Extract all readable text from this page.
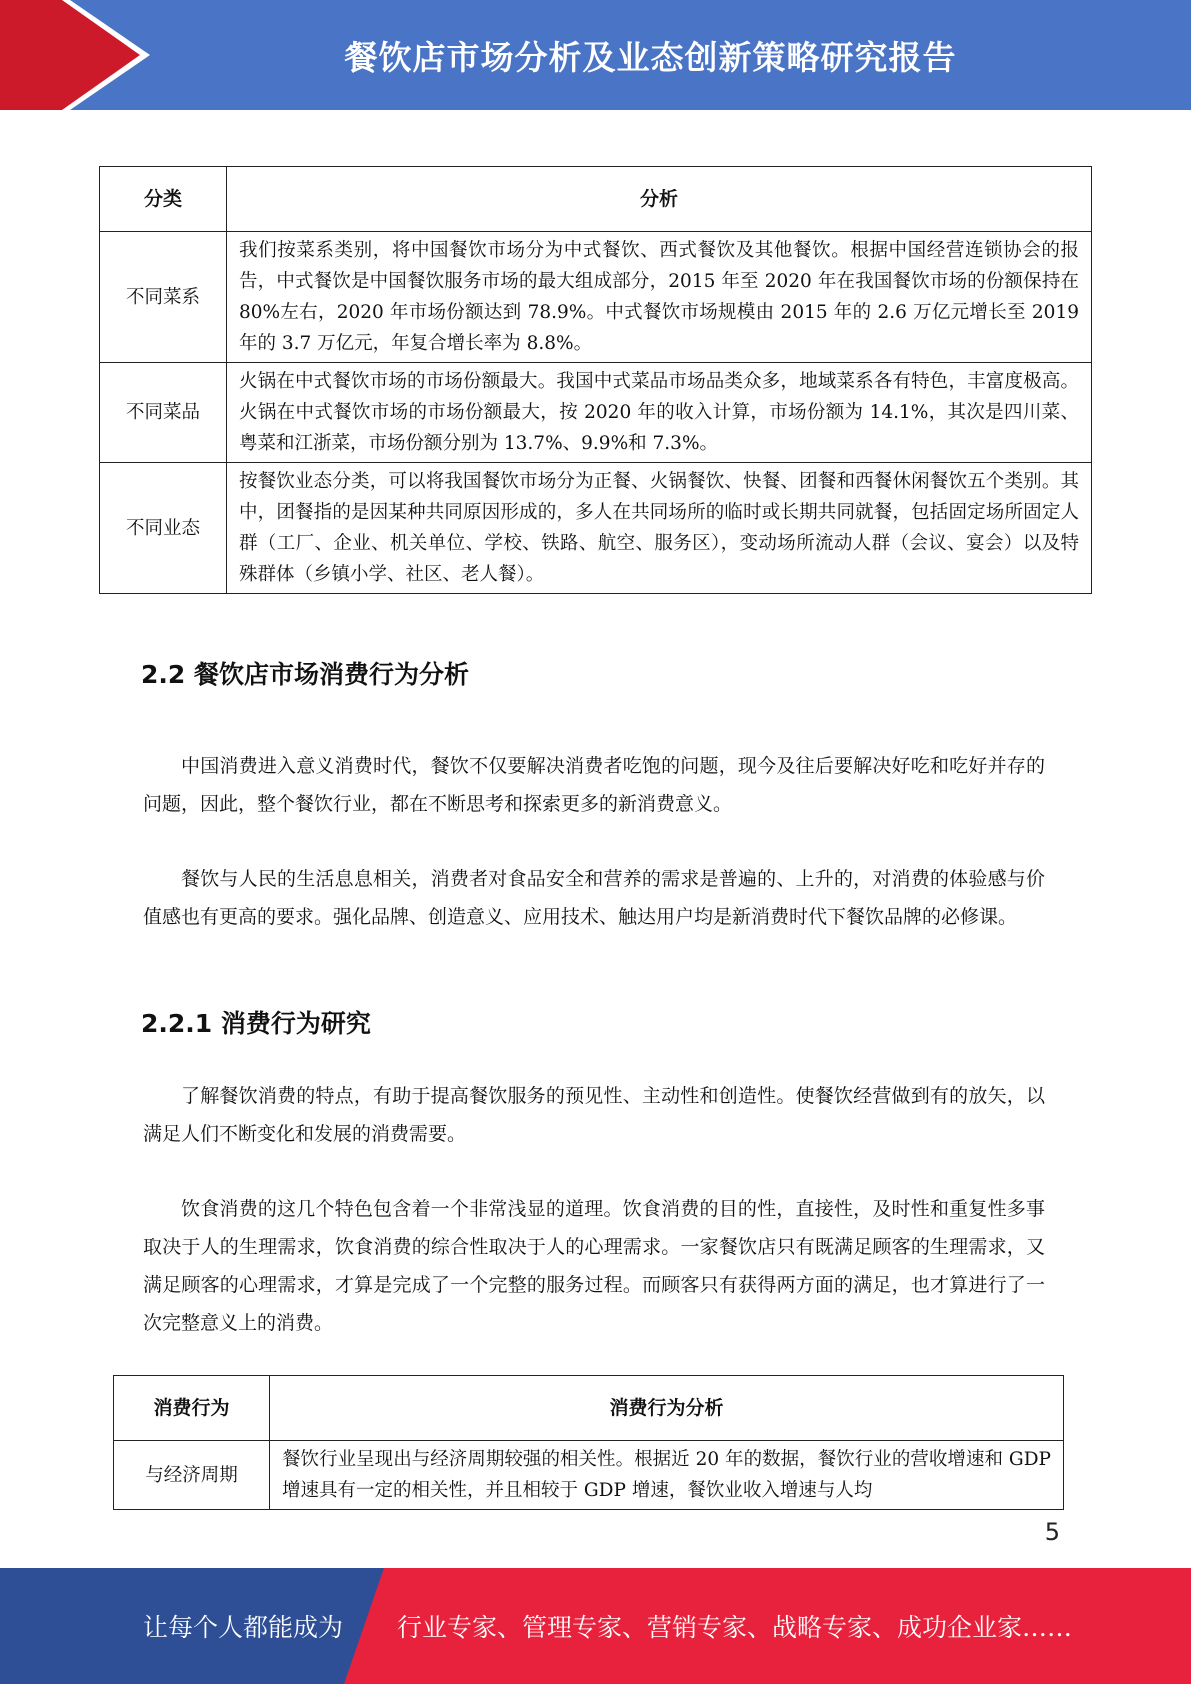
餐饮店市场分析及业态创新策略研究报告
分类	分析
不同菜系	我们按菜系类别，将中国餐饮市场分为中式餐饮、西式餐饮及其他餐饮。根据中国经营连锁协会的报告，中式餐饮是中国餐饮服务市场的最大组成部分，2015 年至 2020 年在我国餐饮市场的份额保持在 80%左右，2020 年市场份额达到 78.9%。中式餐饮市场规模由 2015 年的 2.6 万亿元增长至 2019 年的 3.7 万亿元，年复合增长率为 8.8%。
不同菜品	火锅在中式餐饮市场的市场份额最大。我国中式菜品市场品类众多，地域菜系各有特色，丰富度极高。火锅在中式餐饮市场的市场份额最大，按 2020 年的收入计算，市场份额为 14.1%，其次是四川菜、粤菜和江浙菜，市场份额分别为 13.7%、9.9%和 7.3%。
不同业态	按餐饮业态分类，可以将我国餐饮市场分为正餐、火锅餐饮、快餐、团餐和西餐休闲餐饮五个类别。其中，团餐指的是因某种共同原因形成的，多人在共同场所的临时或长期共同就餐，包括固定场所固定人群（工厂、企业、机关单位、学校、铁路、航空、服务区），变动场所流动人群（会议、宴会）以及特殊群体（乡镇小学、社区、老人餐）。
2.2 餐饮店市场消费行为分析

中国消费进入意义消费时代，餐饮不仅要解决消费者吃饱的问题，现今及往后要解决好吃和吃好并存的问题，因此，整个餐饮行业，都在不断思考和探索更多的新消费意义。

餐饮与人民的生活息息相关，消费者对食品安全和营养的需求是普遍的、上升的，对消费的体验感与价值感也有更高的要求。强化品牌、创造意义、应用技术、触达用户均是新消费时代下餐饮品牌的必修课。

2.2.1 消费行为研究

了解餐饮消费的特点，有助于提高餐饮服务的预见性、主动性和创造性。使餐饮经营做到有的放矢，以满足人们不断变化和发展的消费需要。

饮食消费的这几个特色包含着一个非常浅显的道理。饮食消费的目的性，直接性，及时性和重复性多事取决于人的生理需求，饮食消费的综合性取决于人的心理需求。一家餐饮店只有既满足顾客的生理需求，又满足顾客的心理需求，才算是完成了一个完整的服务过程。而顾客只有获得两方面的满足，也才算进行了一次完整意义上的消费。

消费行为	消费行为分析
与经济周期	餐饮行业呈现出与经济周期较强的相关性。根据近 20 年的数据，餐饮行业的营收增速和 GDP 增速具有一定的相关性，并且相较于 GDP 增速，餐饮业收入增速与人均
5
让每个人都能成为 行业专家、管理专家、营销专家、战略专家、成功企业家……
